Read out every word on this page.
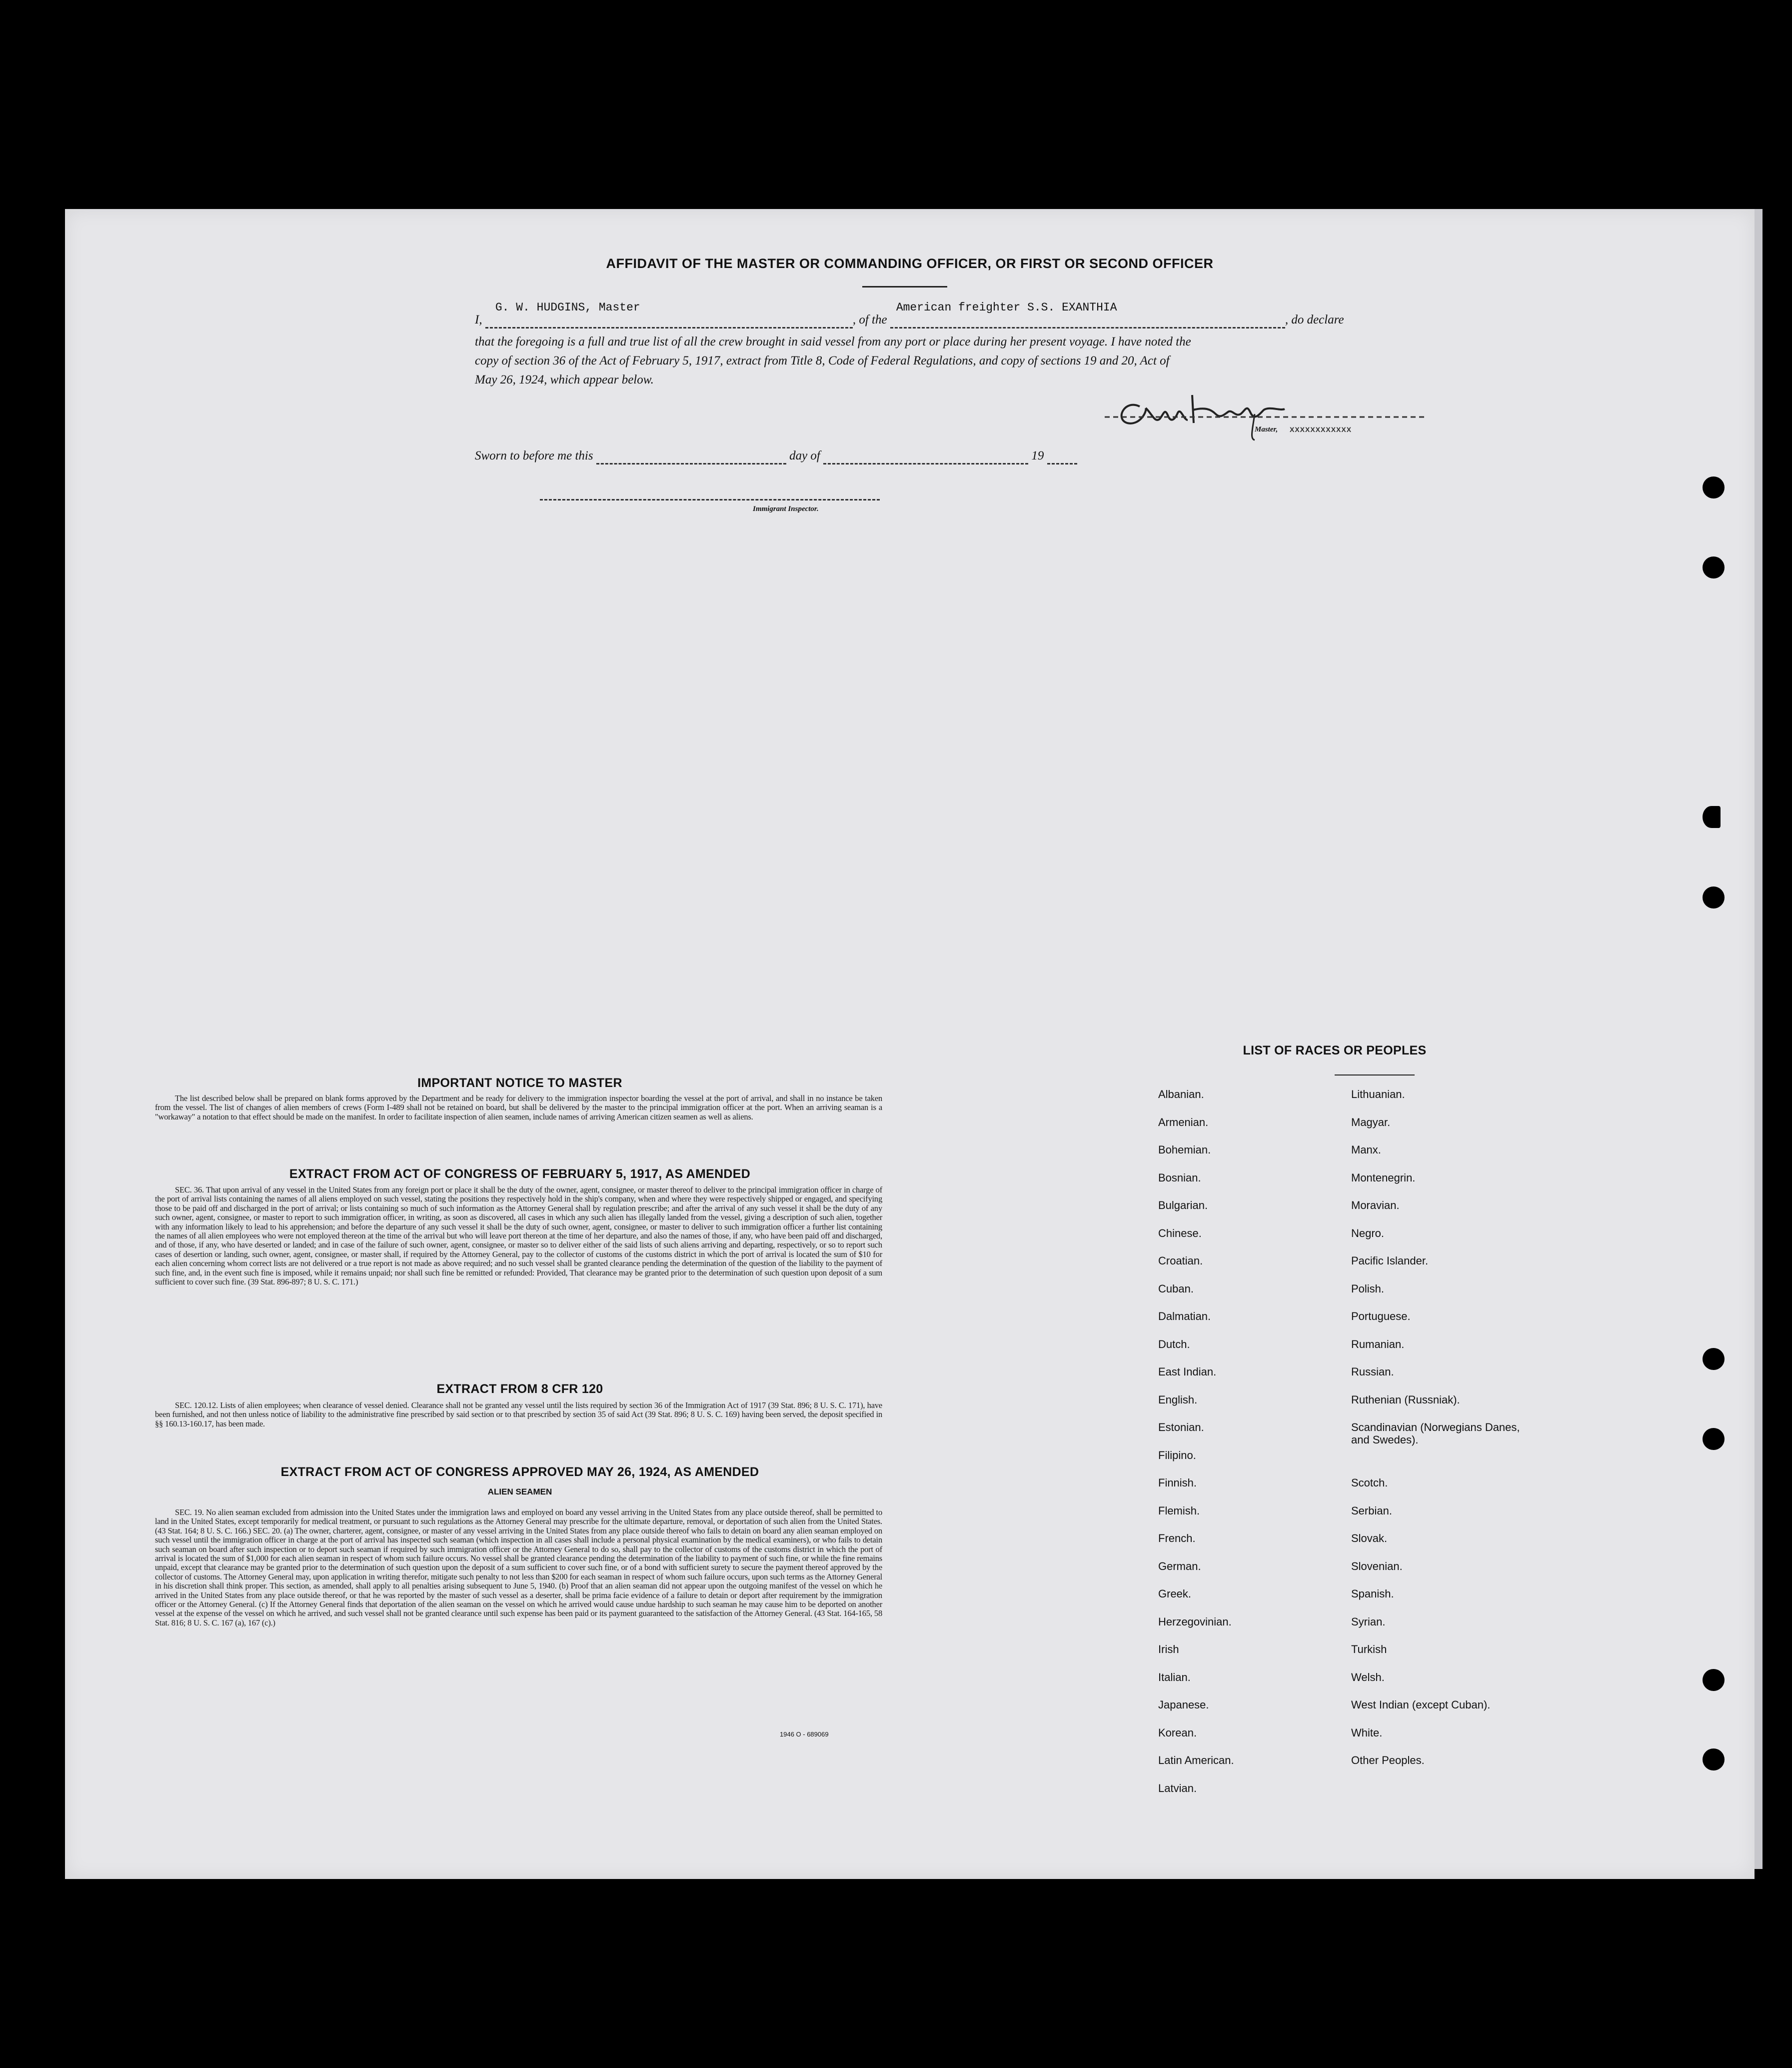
AFFIDAVIT OF THE MASTER OR COMMANDING OFFICER, OR FIRST OR SECOND OFFICER
I,
G. W. HUDGINS, Master
, of the
American freighter S.S. EXANTHIA
, do declare
that the foregoing is a full and true list of all the crew brought in said vessel from any port or place during her present voyage. I have noted the
copy of section 36 of the Act of February 5, 1917, extract from Title 8, Code of Federal Regulations, and copy of sections 19 and 20, Act of
May 26, 1924, which appear below.
Master, XXXXXXXXXXXX
Sworn to before me this	day of	19
Immigrant Inspector.
IMPORTANT NOTICE TO MASTER
The list described below shall be prepared on blank forms approved by the Department and be ready for delivery to the immigration inspector boarding the vessel at the port of arrival, and shall in no instance be taken from the vessel. The list of changes of alien members of crews (Form I-489 shall not be retained on board, but shall be delivered by the master to the principal immigration officer at the port. When an arriving seaman is a "workaway" a notation to that effect should be made on the manifest. In order to facilitate inspection of alien seamen, include names of arriving American citizen seamen as well as aliens.
EXTRACT FROM ACT OF CONGRESS OF FEBRUARY 5, 1917, AS AMENDED
SEC. 36. That upon arrival of any vessel in the United States from any foreign port or place it shall be the duty of the owner, agent, consignee, or master thereof to deliver to the principal immigration officer in charge of the port of arrival lists containing the names of all aliens employed on such vessel, stating the positions they respectively hold in the ship's company, when and where they were respectively shipped or engaged, and specifying those to be paid off and discharged in the port of arrival; or lists containing so much of such information as the Attorney General shall by regulation prescribe; and after the arrival of any such vessel it shall be the duty of any such owner, agent, consignee, or master to report to such immigration officer, in writing, as soon as discovered, all cases in which any such alien has illegally landed from the vessel, giving a description of such alien, together with any information likely to lead to his apprehension; and before the departure of any such vessel it shall be the duty of such owner, agent, consignee, or master to deliver to such immigration officer a further list containing the names of all alien employees who were not employed thereon at the time of the arrival but who will leave port thereon at the time of her departure, and also the names of those, if any, who have been paid off and discharged, and of those, if any, who have deserted or landed; and in case of the failure of such owner, agent, consignee, or master so to deliver either of the said lists of such aliens arriving and departing, respectively, or so to report such cases of desertion or landing, such owner, agent, consignee, or master shall, if required by the Attorney General, pay to the collector of customs of the customs district in which the port of arrival is located the sum of $10 for each alien concerning whom correct lists are not delivered or a true report is not made as above required; and no such vessel shall be granted clearance pending the determination of the question of the liability to the payment of such fine, and, in the event such fine is imposed, while it remains unpaid; nor shall such fine be remitted or refunded: Provided, That clearance may be granted prior to the determination of such question upon deposit of a sum sufficient to cover such fine. (39 Stat. 896-897; 8 U. S. C. 171.)
EXTRACT FROM 8 CFR 120
SEC. 120.12. Lists of alien employees; when clearance of vessel denied. Clearance shall not be granted any vessel until the lists required by section 36 of the Immigration Act of 1917 (39 Stat. 896; 8 U. S. C. 171), have been furnished, and not then unless notice of liability to the administrative fine prescribed by said section or to that prescribed by section 35 of said Act (39 Stat. 896; 8 U. S. C. 169) having been served, the deposit specified in §§ 160.13-160.17, has been made.
EXTRACT FROM ACT OF CONGRESS APPROVED MAY 26, 1924, AS AMENDED
ALIEN SEAMEN
SEC. 19. No alien seaman excluded from admission into the United States under the immigration laws and employed on board any vessel arriving in the United States from any place outside thereof, shall be permitted to land in the United States, except temporarily for medical treatment, or pursuant to such regulations as the Attorney General may prescribe for the ultimate departure, removal, or deportation of such alien from the United States. (43 Stat. 164; 8 U. S. C. 166.) SEC. 20. (a) The owner, charterer, agent, consignee, or master of any vessel arriving in the United States from any place outside thereof who fails to detain on board any alien seaman employed on such vessel until the immigration officer in charge at the port of arrival has inspected such seaman (which inspection in all cases shall include a personal physical examination by the medical examiners), or who fails to detain such seaman on board after such inspection or to deport such seaman if required by such immigration officer or the Attorney General to do so, shall pay to the collector of customs of the customs district in which the port of arrival is located the sum of $1,000 for each alien seaman in respect of whom such failure occurs. No vessel shall be granted clearance pending the determination of the liability to payment of such fine, or while the fine remains unpaid, except that clearance may be granted prior to the determination of such question upon the deposit of a sum sufficient to cover such fine, or of a bond with sufficient surety to secure the payment thereof approved by the collector of customs. The Attorney General may, upon application in writing therefor, mitigate such penalty to not less than $200 for each seaman in respect of whom such failure occurs, upon such terms as the Attorney General in his discretion shall think proper. This section, as amended, shall apply to all penalties arising subsequent to June 5, 1940. (b) Proof that an alien seaman did not appear upon the outgoing manifest of the vessel on which he arrived in the United States from any place outside thereof, or that he was reported by the master of such vessel as a deserter, shall be prima facie evidence of a failure to detain or deport after requirement by the immigration officer or the Attorney General. (c) If the Attorney General finds that deportation of the alien seaman on the vessel on which he arrived would cause undue hardship to such seaman he may cause him to be deported on another vessel at the expense of the vessel on which he arrived, and such vessel shall not be granted clearance until such expense has been paid or its payment guaranteed to the satisfaction of the Attorney General. (43 Stat. 164-165, 58 Stat. 816; 8 U. S. C. 167 (a), 167 (c).)
1946 O - 689069
LIST OF RACES OR PEOPLES
Albanian.
Armenian.
Bohemian.
Bosnian.
Bulgarian.
Chinese.
Croatian.
Cuban.
Dalmatian.
Dutch.
East Indian.
English.
Estonian.
Filipino.
Finnish.
Flemish.
French.
German.
Greek.
Herzegovinian.
Irish
Italian.
Japanese.
Korean.
Latin American.
Latvian.
Lithuanian.
Magyar.
Manx.
Montenegrin.
Moravian.
Negro.
Pacific Islander.
Polish.
Portuguese.
Rumanian.
Russian.
Ruthenian (Russniak).
Scandinavian (Norwegians Danes, and Swedes).
Scotch.
Serbian.
Slovak.
Slovenian.
Spanish.
Syrian.
Turkish
Welsh.
West Indian (except Cuban).
White.
Other Peoples.
